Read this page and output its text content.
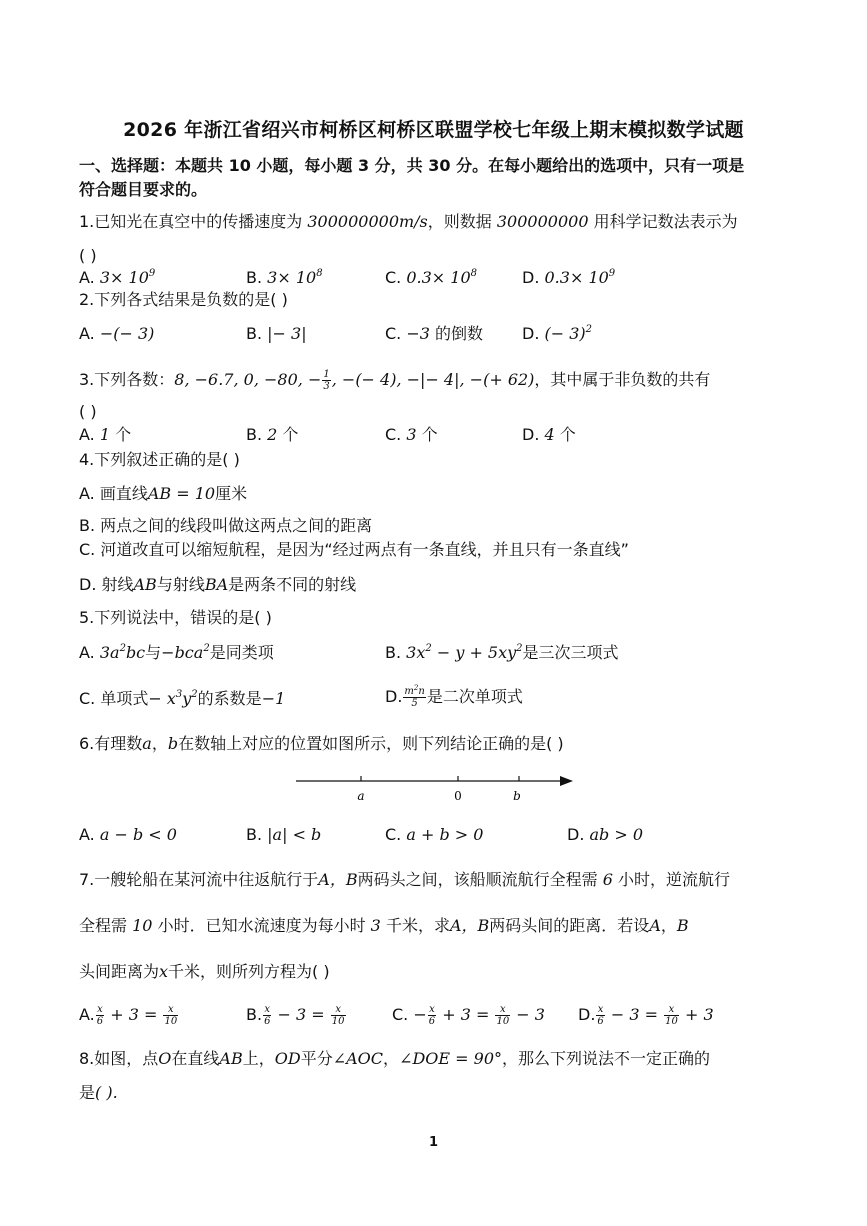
2026 年浙江省绍兴市柯桥区柯桥区联盟学校七年级上期末模拟数学试题
一、选择题：本题共 10 小题，每小题 3 分，共 30 分。在每小题给出的选项中，只有一项是
符合题目要求的。
1.已知光在真空中的传播速度为 300000000m/s，则数据 300000000 用科学记数法表示为
( )
A. $3\times 10^9$	B. $3\times 10^8$	C. $0.3\times 10^8$	D. $0.3\times 10^9$
2.下列各式结果是负数的是( )
A. −(− 3)	B. |− 3|	C. −3 的倒数 D. (− 3)$^2$
3.下列各数：8, −6.7, 0, −80, − $\frac{1}{3}$ , −(− 4), −|− 4|, −(+ 62)，其中属于非负数的共有
( )
A. 1 个	B. 2 个	C. 3 个	D. 4 个
4.下列叙述正确的是( )
A. 画直线AB = 10厘米
B. 两点之间的线段叫做这两点之间的距离
C. 河道改直可以缩短航程，是因为“经过两点有一条直线，并且只有一条直线”
D. 射线AB与射线BA是两条不同的射线
5.下列说法中，错误的是( )
A. $3a^2bc$与−bca$^2$是同类项	B. $3x^2 - y + 5xy^2$是三次三项式
C. 单项式− $x^3y^2$的系数是−1	D. $\frac{m^2n}{5}$ 是二次单项式
6.有理数a，b在数轴上对应的位置如图所示，则下列结论正确的是( )
a	0	b
A. a − b < 0	B. |a| < b	C. a + b > 0	D. ab > 0
7.一艘轮船在某河流中往返航行于A，B两码头之间，该船顺流航行全程需 6 小时，逆流航行
全程需 10 小时．已知水流速度为每小时 3 千米，求A，B两码头间的距离．若设A，B
头间距离为x千米，则所列方程为( )
A. $\frac{x}{6} + 3 = \frac{x}{10}$	B. $\frac{x}{6} - 3 = \frac{x}{10}$	C. − $\frac{x}{6} + 3 = \frac{x}{10} - 3$ D. $\frac{x}{6} - 3 = \frac{x}{10} + 3$
8.如图，点O在直线AB上，OD平分∠AOC，∠DOE = 90°，那么下列说法不一定正确的
是( ).
1
